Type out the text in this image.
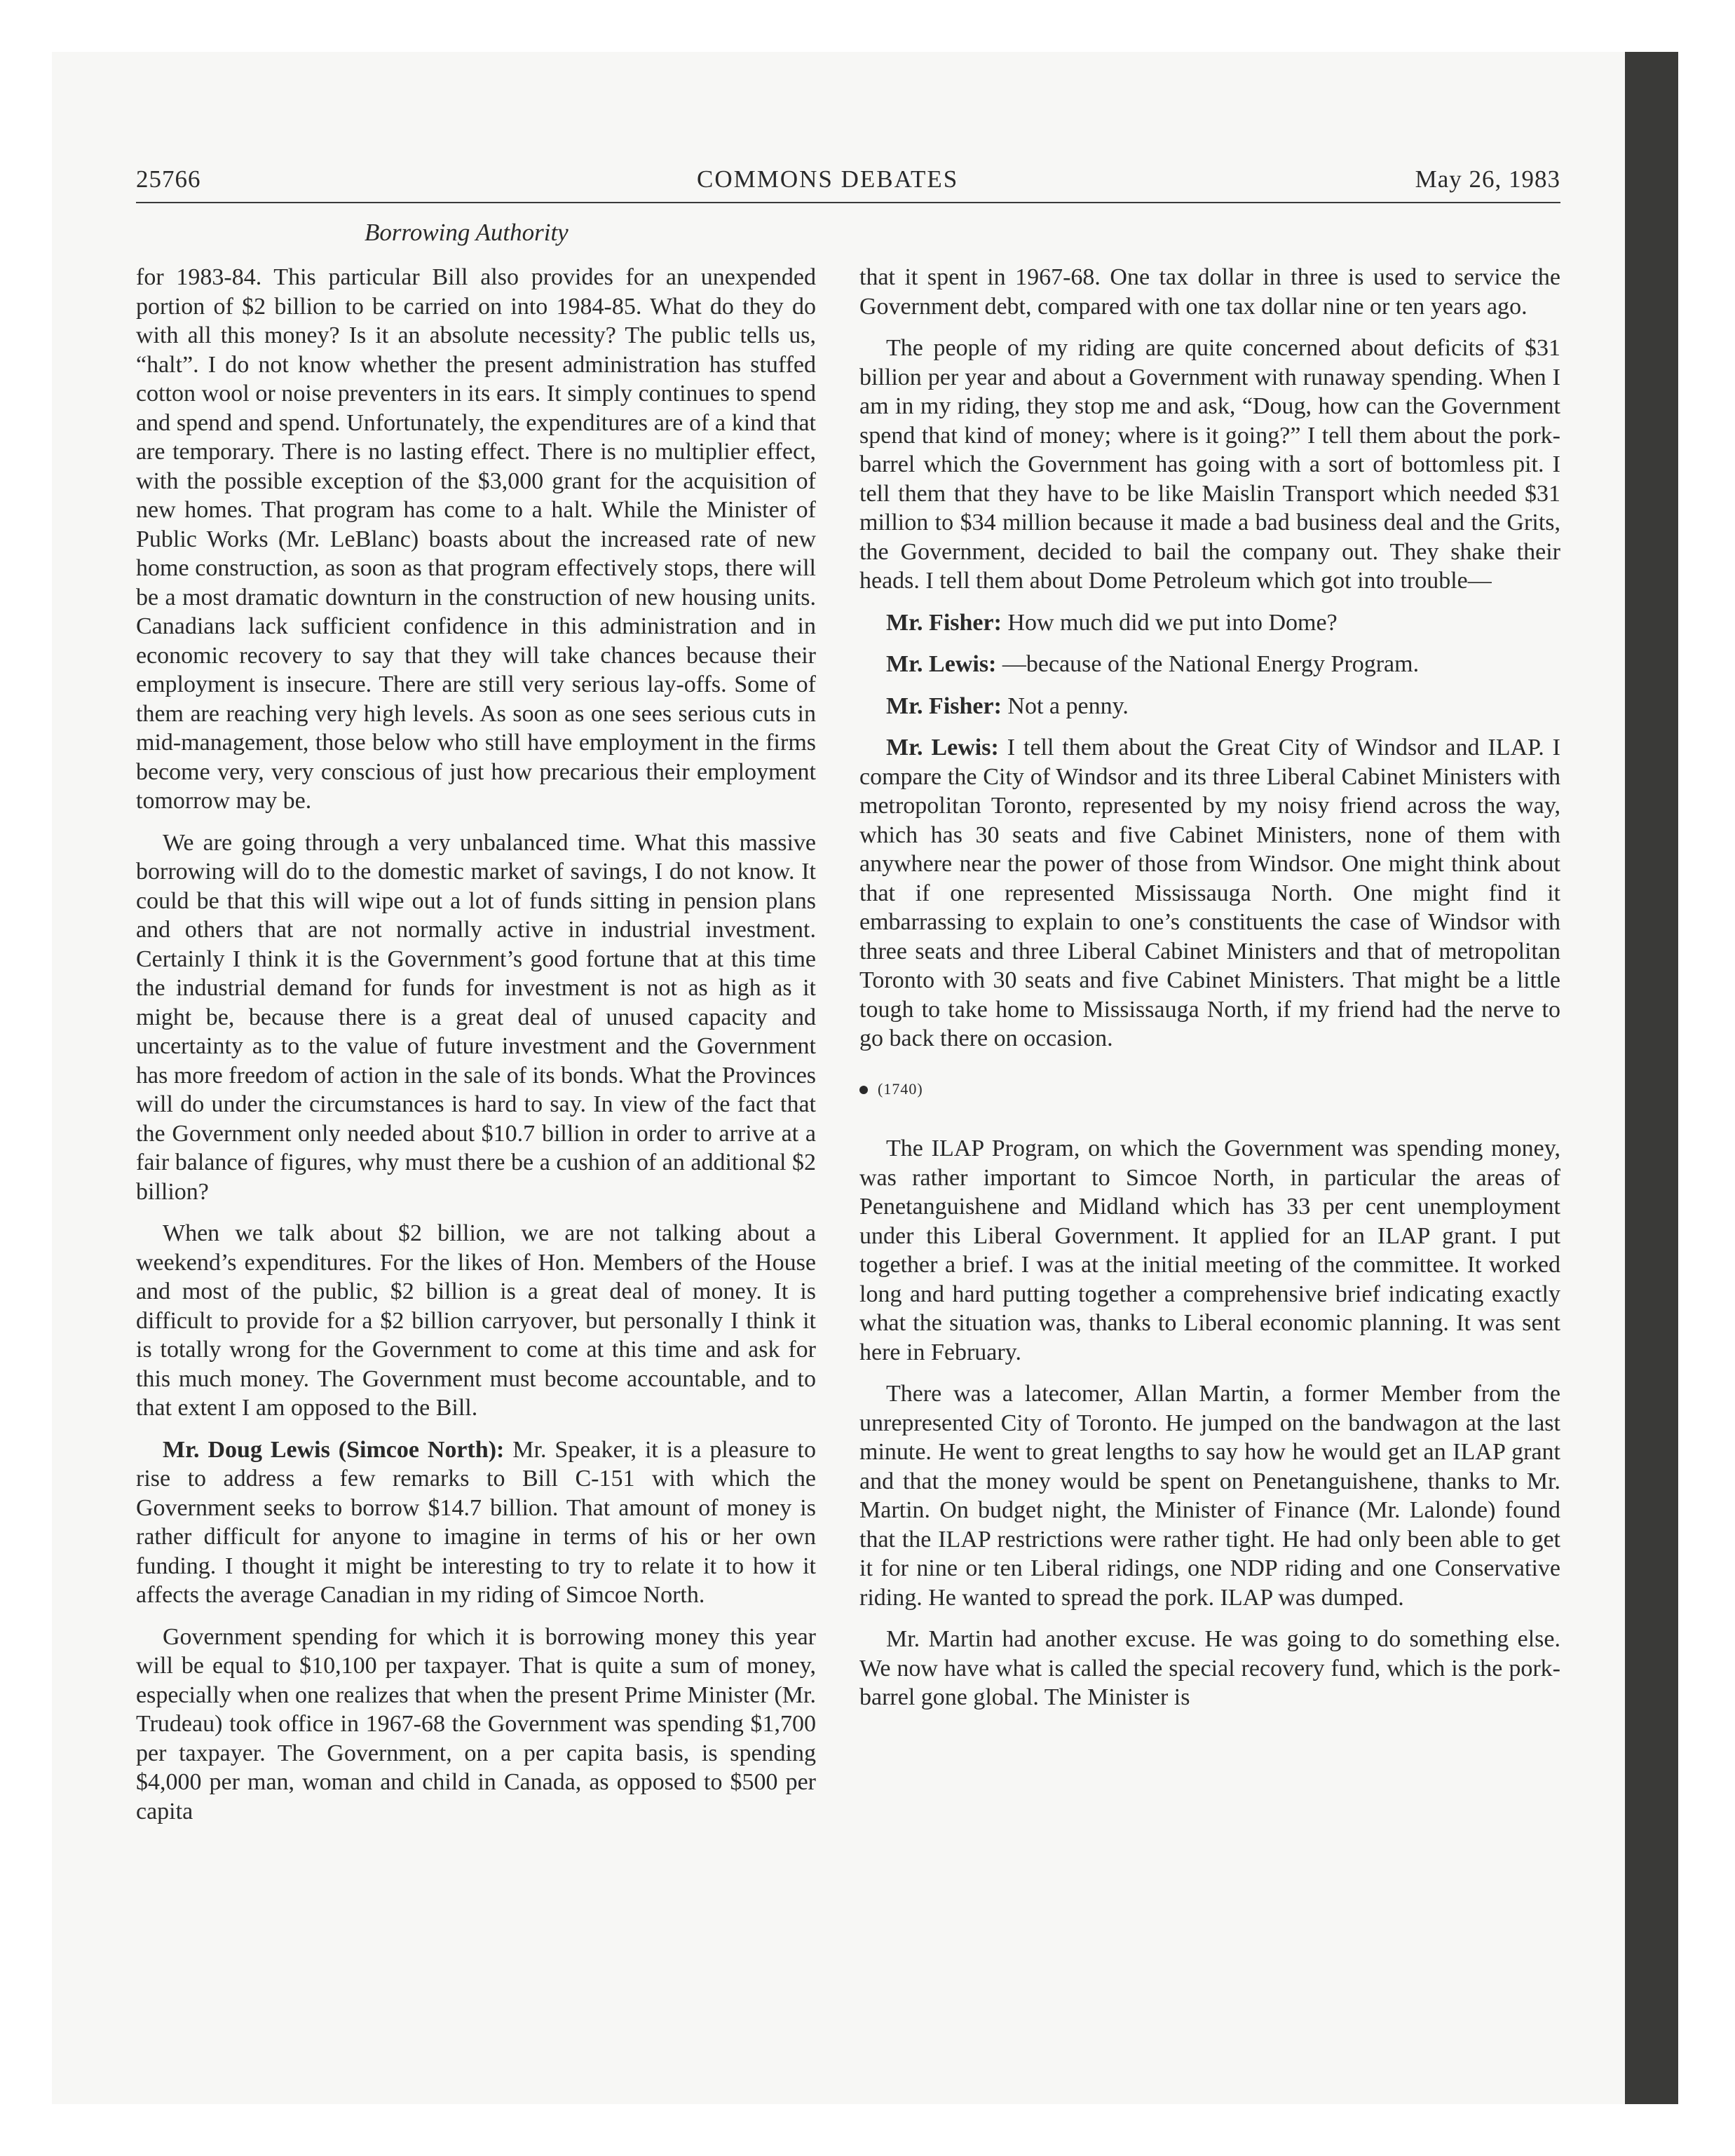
25766	COMMONS DEBATES	May 26, 1983
Borrowing Authority

for 1983-84. This particular Bill also provides for an unexpended portion of $2 billion to be carried on into 1984-85. What do they do with all this money? Is it an absolute necessity? The public tells us, “halt”. I do not know whether the present administration has stuffed cotton wool or noise preventers in its ears. It simply continues to spend and spend and spend. Unfortunately, the expenditures are of a kind that are temporary. There is no lasting effect. There is no multiplier effect, with the possible exception of the $3,000 grant for the acquisition of new homes. That program has come to a halt. While the Minister of Public Works (Mr. LeBlanc) boasts about the increased rate of new home construction, as soon as that program effectively stops, there will be a most dramatic downturn in the construction of new housing units. Canadians lack sufficient confidence in this administration and in economic recovery to say that they will take chances because their employment is insecure. There are still very serious lay-offs. Some of them are reaching very high levels. As soon as one sees serious cuts in mid-management, those below who still have employment in the firms become very, very conscious of just how precarious their employment tomorrow may be.

We are going through a very unbalanced time. What this massive borrowing will do to the domestic market of savings, I do not know. It could be that this will wipe out a lot of funds sitting in pension plans and others that are not normally active in industrial investment. Certainly I think it is the Government’s good fortune that at this time the industrial demand for funds for investment is not as high as it might be, because there is a great deal of unused capacity and uncertainty as to the value of future investment and the Government has more freedom of action in the sale of its bonds. What the Provinces will do under the circumstances is hard to say. In view of the fact that the Government only needed about $10.7 billion in order to arrive at a fair balance of figures, why must there be a cushion of an additional $2 billion?

When we talk about $2 billion, we are not talking about a weekend’s expenditures. For the likes of Hon. Members of the House and most of the public, $2 billion is a great deal of money. It is difficult to provide for a $2 billion carryover, but personally I think it is totally wrong for the Government to come at this time and ask for this much money. The Government must become accountable, and to that extent I am opposed to the Bill.

Mr. Doug Lewis (Simcoe North): Mr. Speaker, it is a pleasure to rise to address a few remarks to Bill C-151 with which the Government seeks to borrow $14.7 billion. That amount of money is rather difficult for anyone to imagine in terms of his or her own funding. I thought it might be interesting to try to relate it to how it affects the average Canadian in my riding of Simcoe North.

Government spending for which it is borrowing money this year will be equal to $10,100 per taxpayer. That is quite a sum of money, especially when one realizes that when the present Prime Minister (Mr. Trudeau) took office in 1967-68 the Government was spending $1,700 per taxpayer. The Government, on a per capita basis, is spending $4,000 per man, woman and child in Canada, as opposed to $500 per capita

that it spent in 1967-68. One tax dollar in three is used to service the Government debt, compared with one tax dollar nine or ten years ago.

The people of my riding are quite concerned about deficits of $31 billion per year and about a Government with runaway spending. When I am in my riding, they stop me and ask, “Doug, how can the Government spend that kind of money; where is it going?” I tell them about the pork-barrel which the Government has going with a sort of bottomless pit. I tell them that they have to be like Maislin Transport which needed $31 million to $34 million because it made a bad business deal and the Grits, the Government, decided to bail the company out. They shake their heads. I tell them about Dome Petroleum which got into trouble—

Mr. Fisher: How much did we put into Dome?

Mr. Lewis: —because of the National Energy Program.

Mr. Fisher: Not a penny.

Mr. Lewis: I tell them about the Great City of Windsor and ILAP. I compare the City of Windsor and its three Liberal Cabinet Ministers with metropolitan Toronto, represented by my noisy friend across the way, which has 30 seats and five Cabinet Ministers, none of them with anywhere near the power of those from Windsor. One might think about that if one represented Mississauga North. One might find it embarrassing to explain to one’s constituents the case of Windsor with three seats and three Liberal Cabinet Ministers and that of metropolitan Toronto with 30 seats and five Cabinet Ministers. That might be a little tough to take home to Mississauga North, if my friend had the nerve to go back there on occasion.

(1740)

The ILAP Program, on which the Government was spending money, was rather important to Simcoe North, in particular the areas of Penetanguishene and Midland which has 33 per cent unemployment under this Liberal Government. It applied for an ILAP grant. I put together a brief. I was at the initial meeting of the committee. It worked long and hard putting together a comprehensive brief indicating exactly what the situation was, thanks to Liberal economic planning. It was sent here in February.

There was a latecomer, Allan Martin, a former Member from the unrepresented City of Toronto. He jumped on the bandwagon at the last minute. He went to great lengths to say how he would get an ILAP grant and that the money would be spent on Penetanguishene, thanks to Mr. Martin. On budget night, the Minister of Finance (Mr. Lalonde) found that the ILAP restrictions were rather tight. He had only been able to get it for nine or ten Liberal ridings, one NDP riding and one Conservative riding. He wanted to spread the pork. ILAP was dumped.

Mr. Martin had another excuse. He was going to do something else. We now have what is called the special recovery fund, which is the pork-barrel gone global. The Minister is
